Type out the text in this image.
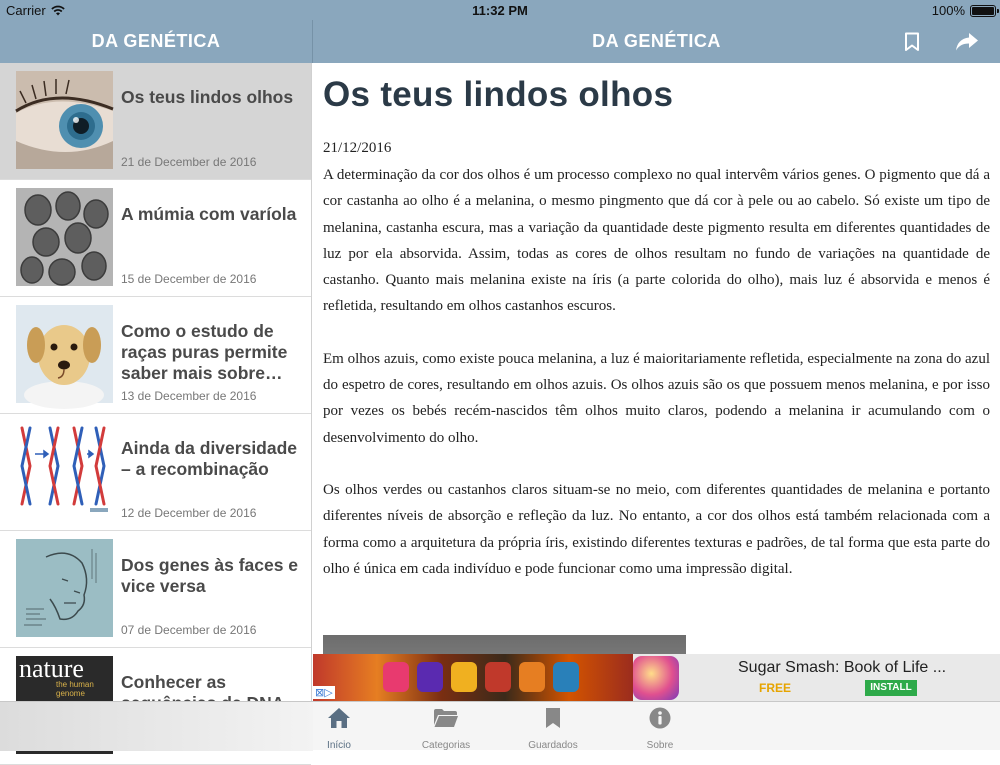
Carrier	11:32 PM	100%
DA GENÉTICA	DA GENÉTICA
Os teus lindos olhos
21 de December de 2016
A múmia com varíola
15 de December de 2016
Como o estudo de raças puras permite saber mais sobre…
13 de December de 2016
Ainda da diversidade – a recombinação
12 de December de 2016
Dos genes às faces e vice versa
07 de December de 2016
nature
the human genome
Conhecer as
Os teus lindos olhos
21/12/2016

A determinação da cor dos olhos é um processo complexo no qual intervêm vários genes. O pigmento que dá a cor castanha ao olho é a melanina, o mesmo pingmento que dá cor à pele ou ao cabelo. Só existe um tipo de melanina, castanha escura, mas a variação da quantidade deste pigmento resulta em diferentes quantidades de luz por ela absorvida. Assim, todas as cores de olhos resultam no fundo de variações na quantidade de castanho. Quanto mais melanina existe na íris (a parte colorida do olho), mais luz é absorvida e menos é refletida, resultando em olhos castanhos escuros.

Em olhos azuis, como existe pouca melanina, a luz é maioritariamente refletida, especialmente na zona do azul do espetro de cores, resultando em olhos azuis. Os olhos azuis são os que possuem menos melanina, e por isso por vezes os bebés recém-nascidos têm olhos muito claros, podendo a melanina ir acumulando com o desenvolvimento do olho.

Os olhos verdes ou castanhos claros situam-se no meio, com diferentes quantidades de melanina e portanto diferentes níveis de absorção e refleção da luz. No entanto, a cor dos olhos está também relacionada com a forma como a arquitetura da própria íris, existindo diferentes texturas e padrões, de tal forma que esta parte do olho é única em cada indivíduo e pode funcionar como uma impressão digital.

⊠▷
Sugar Smash: Book of Life ...
FREE	INSTALL
Início	Categorias	Guardados	Sobre
